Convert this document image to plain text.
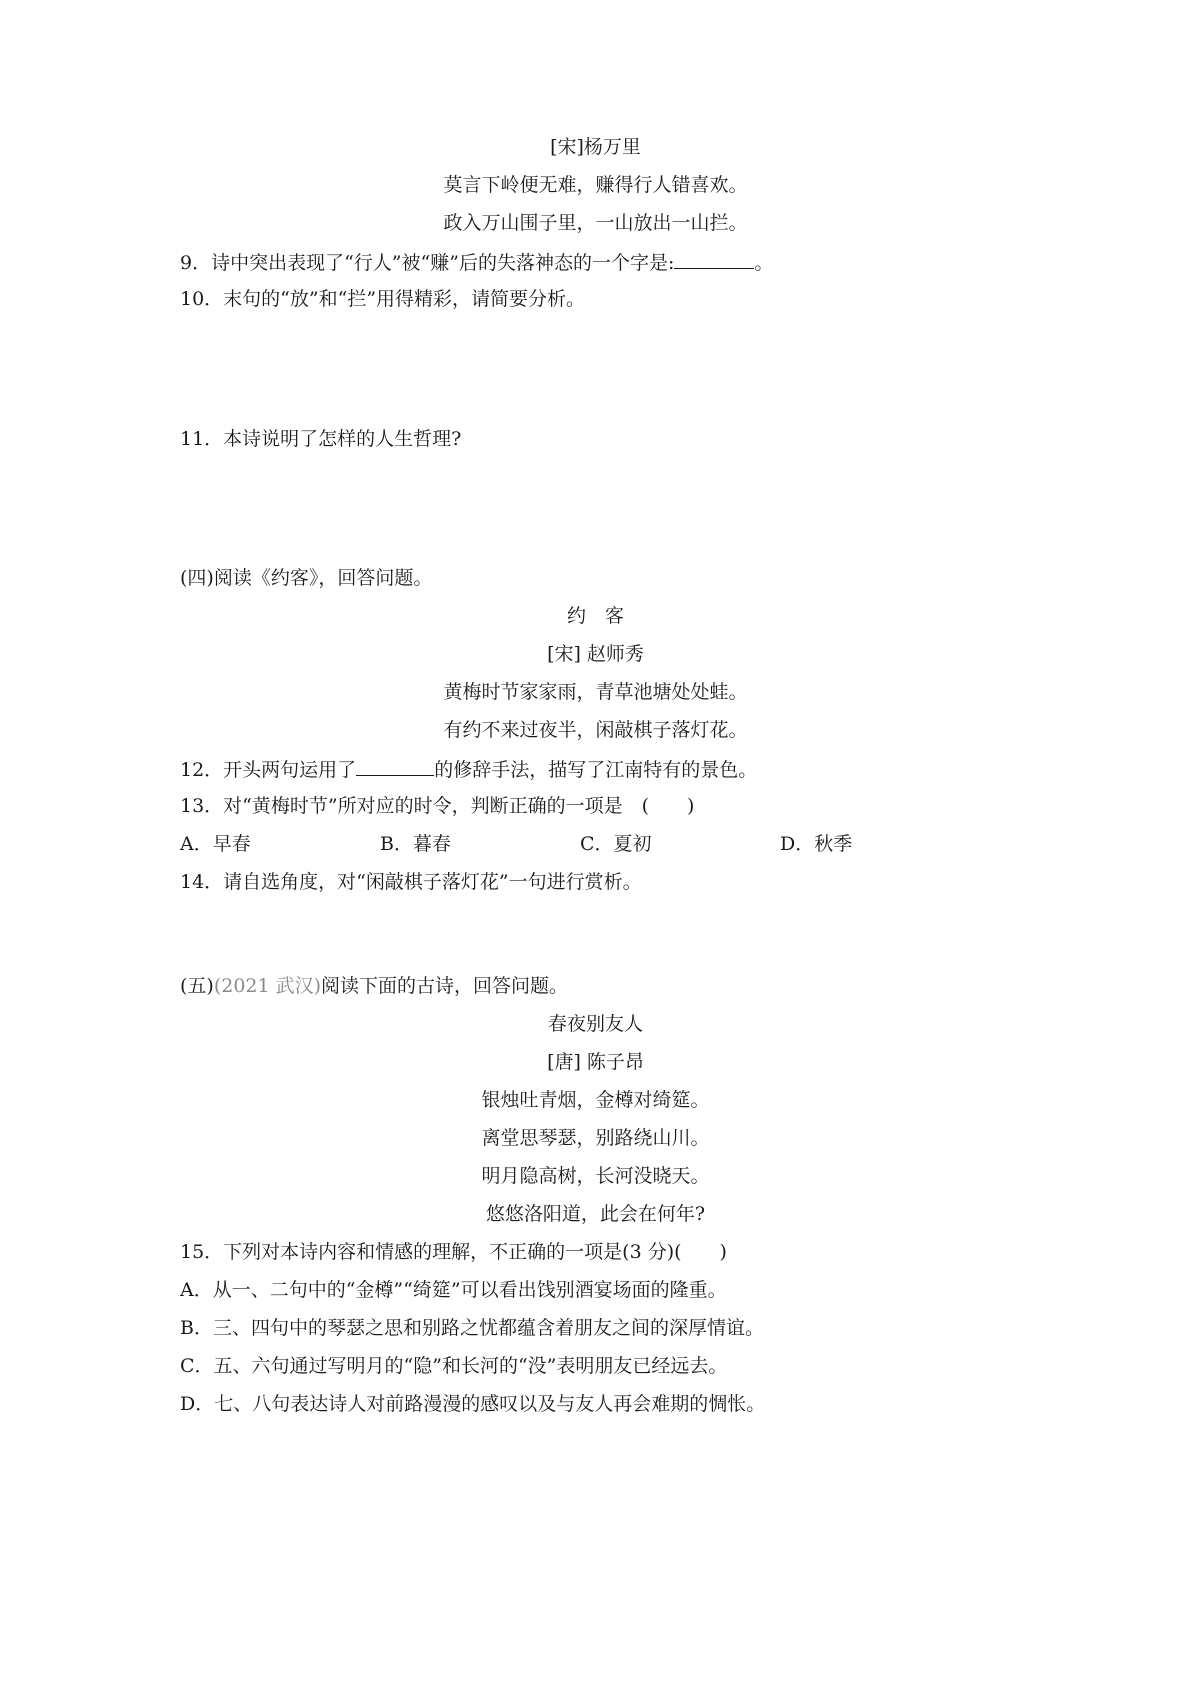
[宋]杨万里
莫言下岭便无难，赚得行人错喜欢。
政入万山围子里，一山放出一山拦。
9．诗中突出表现了“行人”被“赚”后的失落神态的一个字是:	。
10．末句的“放”和“拦”用得精彩，请简要分析。
11．本诗说明了怎样的人生哲理?
(四)阅读《约客》，回答问题。
约　客
[宋] 赵师秀
黄梅时节家家雨，青草池塘处处蛙。
有约不来过夜半，闲敲棋子落灯花。
12．开头两句运用了	的修辞手法，描写了江南特有的景色。
13．对“黄梅时节”所对应的时令，判断正确的一项是　(　　)
A．早春	B．暮春	C．夏初	D．秋季
14．请自选角度，对“闲敲棋子落灯花”一句进行赏析。
(五)(2021 武汉)阅读下面的古诗，回答问题。
春夜别友人
[唐] 陈子昂
银烛吐青烟，金樽对绮筵。
离堂思琴瑟，别路绕山川。
明月隐高树，长河没晓天。
悠悠洛阳道，此会在何年?
15．下列对本诗内容和情感的理解，不正确的一项是(3 分)(　　)
A．从一、二句中的“金樽”“绮筵”可以看出饯别酒宴场面的隆重。
B．三、四句中的琴瑟之思和别路之忧都蕴含着朋友之间的深厚情谊。
C．五、六句通过写明月的“隐”和长河的“没”表明朋友已经远去。
D．七、八句表达诗人对前路漫漫的感叹以及与友人再会难期的惆怅。
